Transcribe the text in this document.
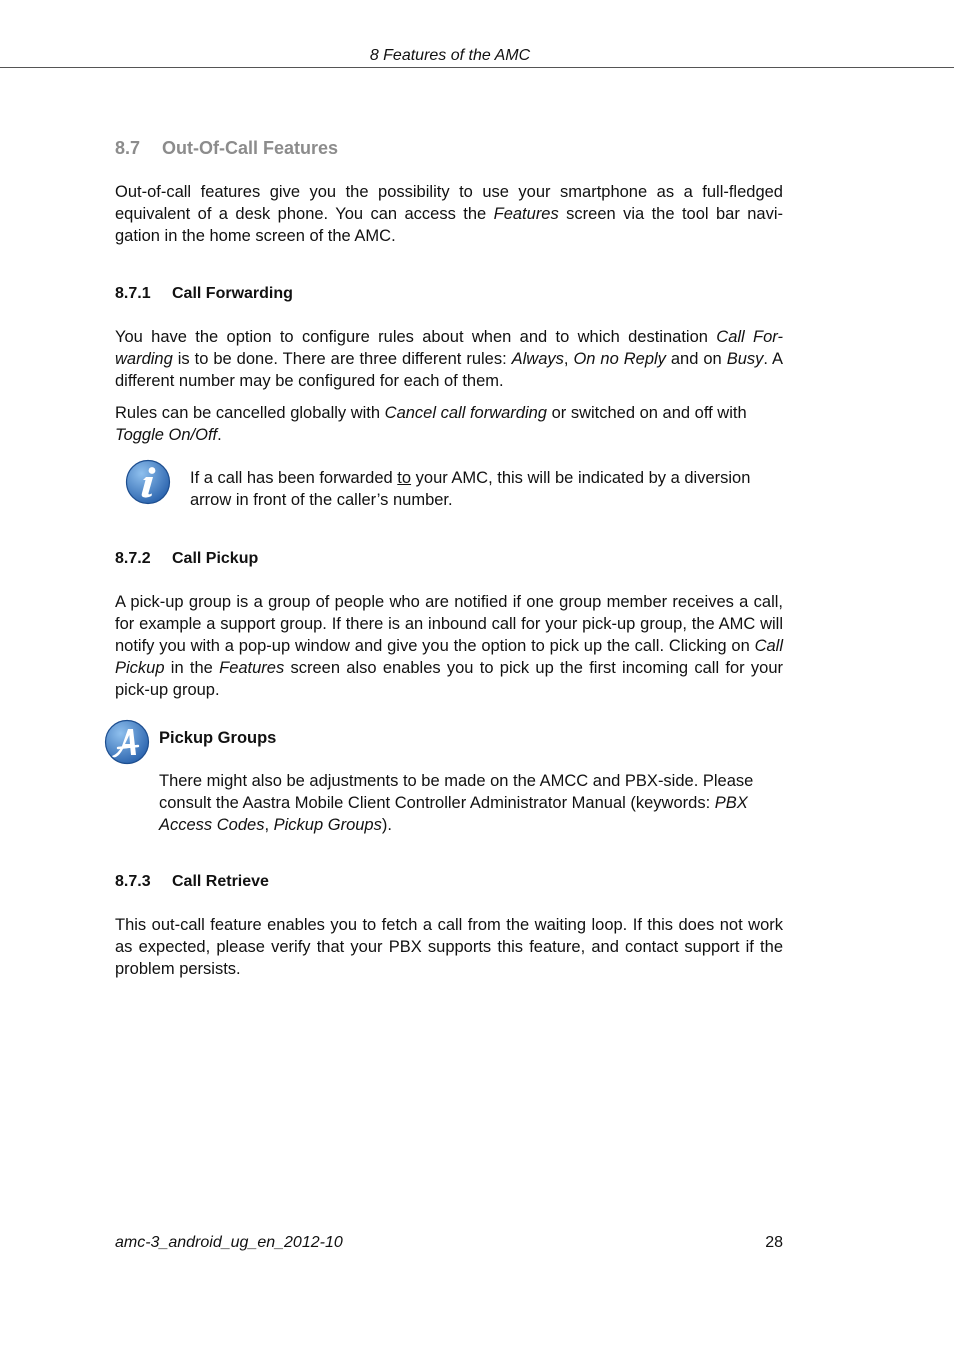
8 Features of the AMC
8.7 Out-Of-Call Features

Out-of-call features give you the possibility to use your smartphone as a full-fledged equivalent of a desk phone. You can access the Features screen via the tool bar navi-gation in the home screen of the AMC.

8.7.1 Call Forwarding

You have the option to configure rules about when and to which destination Call For-warding is to be done. There are three different rules: Always, On no Reply and on Busy. A different number may be configured for each of them.

Rules can be cancelled globally with Cancel call forwarding or switched on and off with Toggle On/Off.

If a call has been forwarded to your AMC, this will be indicated by a diversion arrow in front of the caller’s number.

8.7.2 Call Pickup

A pick-up group is a group of people who are notified if one group member receives a call, for example a support group. If there is an inbound call for your pick-up group, the AMC will notify you with a pop-up window and give you the option to pick up the call. Clicking on Call Pickup in the Features screen also enables you to pick up the first incoming call for your pick-up group.

Pickup Groups

There might also be adjustments to be made on the AMCC and PBX-side. Please consult the Aastra Mobile Client Controller Administrator Manual (keywords: PBX Access Codes, Pickup Groups).

8.7.3 Call Retrieve

This out-call feature enables you to fetch a call from the waiting loop. If this does not work as expected, please verify that your PBX supports this feature, and contact support if the problem persists.

amc-3_android_ug_en_2012-10	28
